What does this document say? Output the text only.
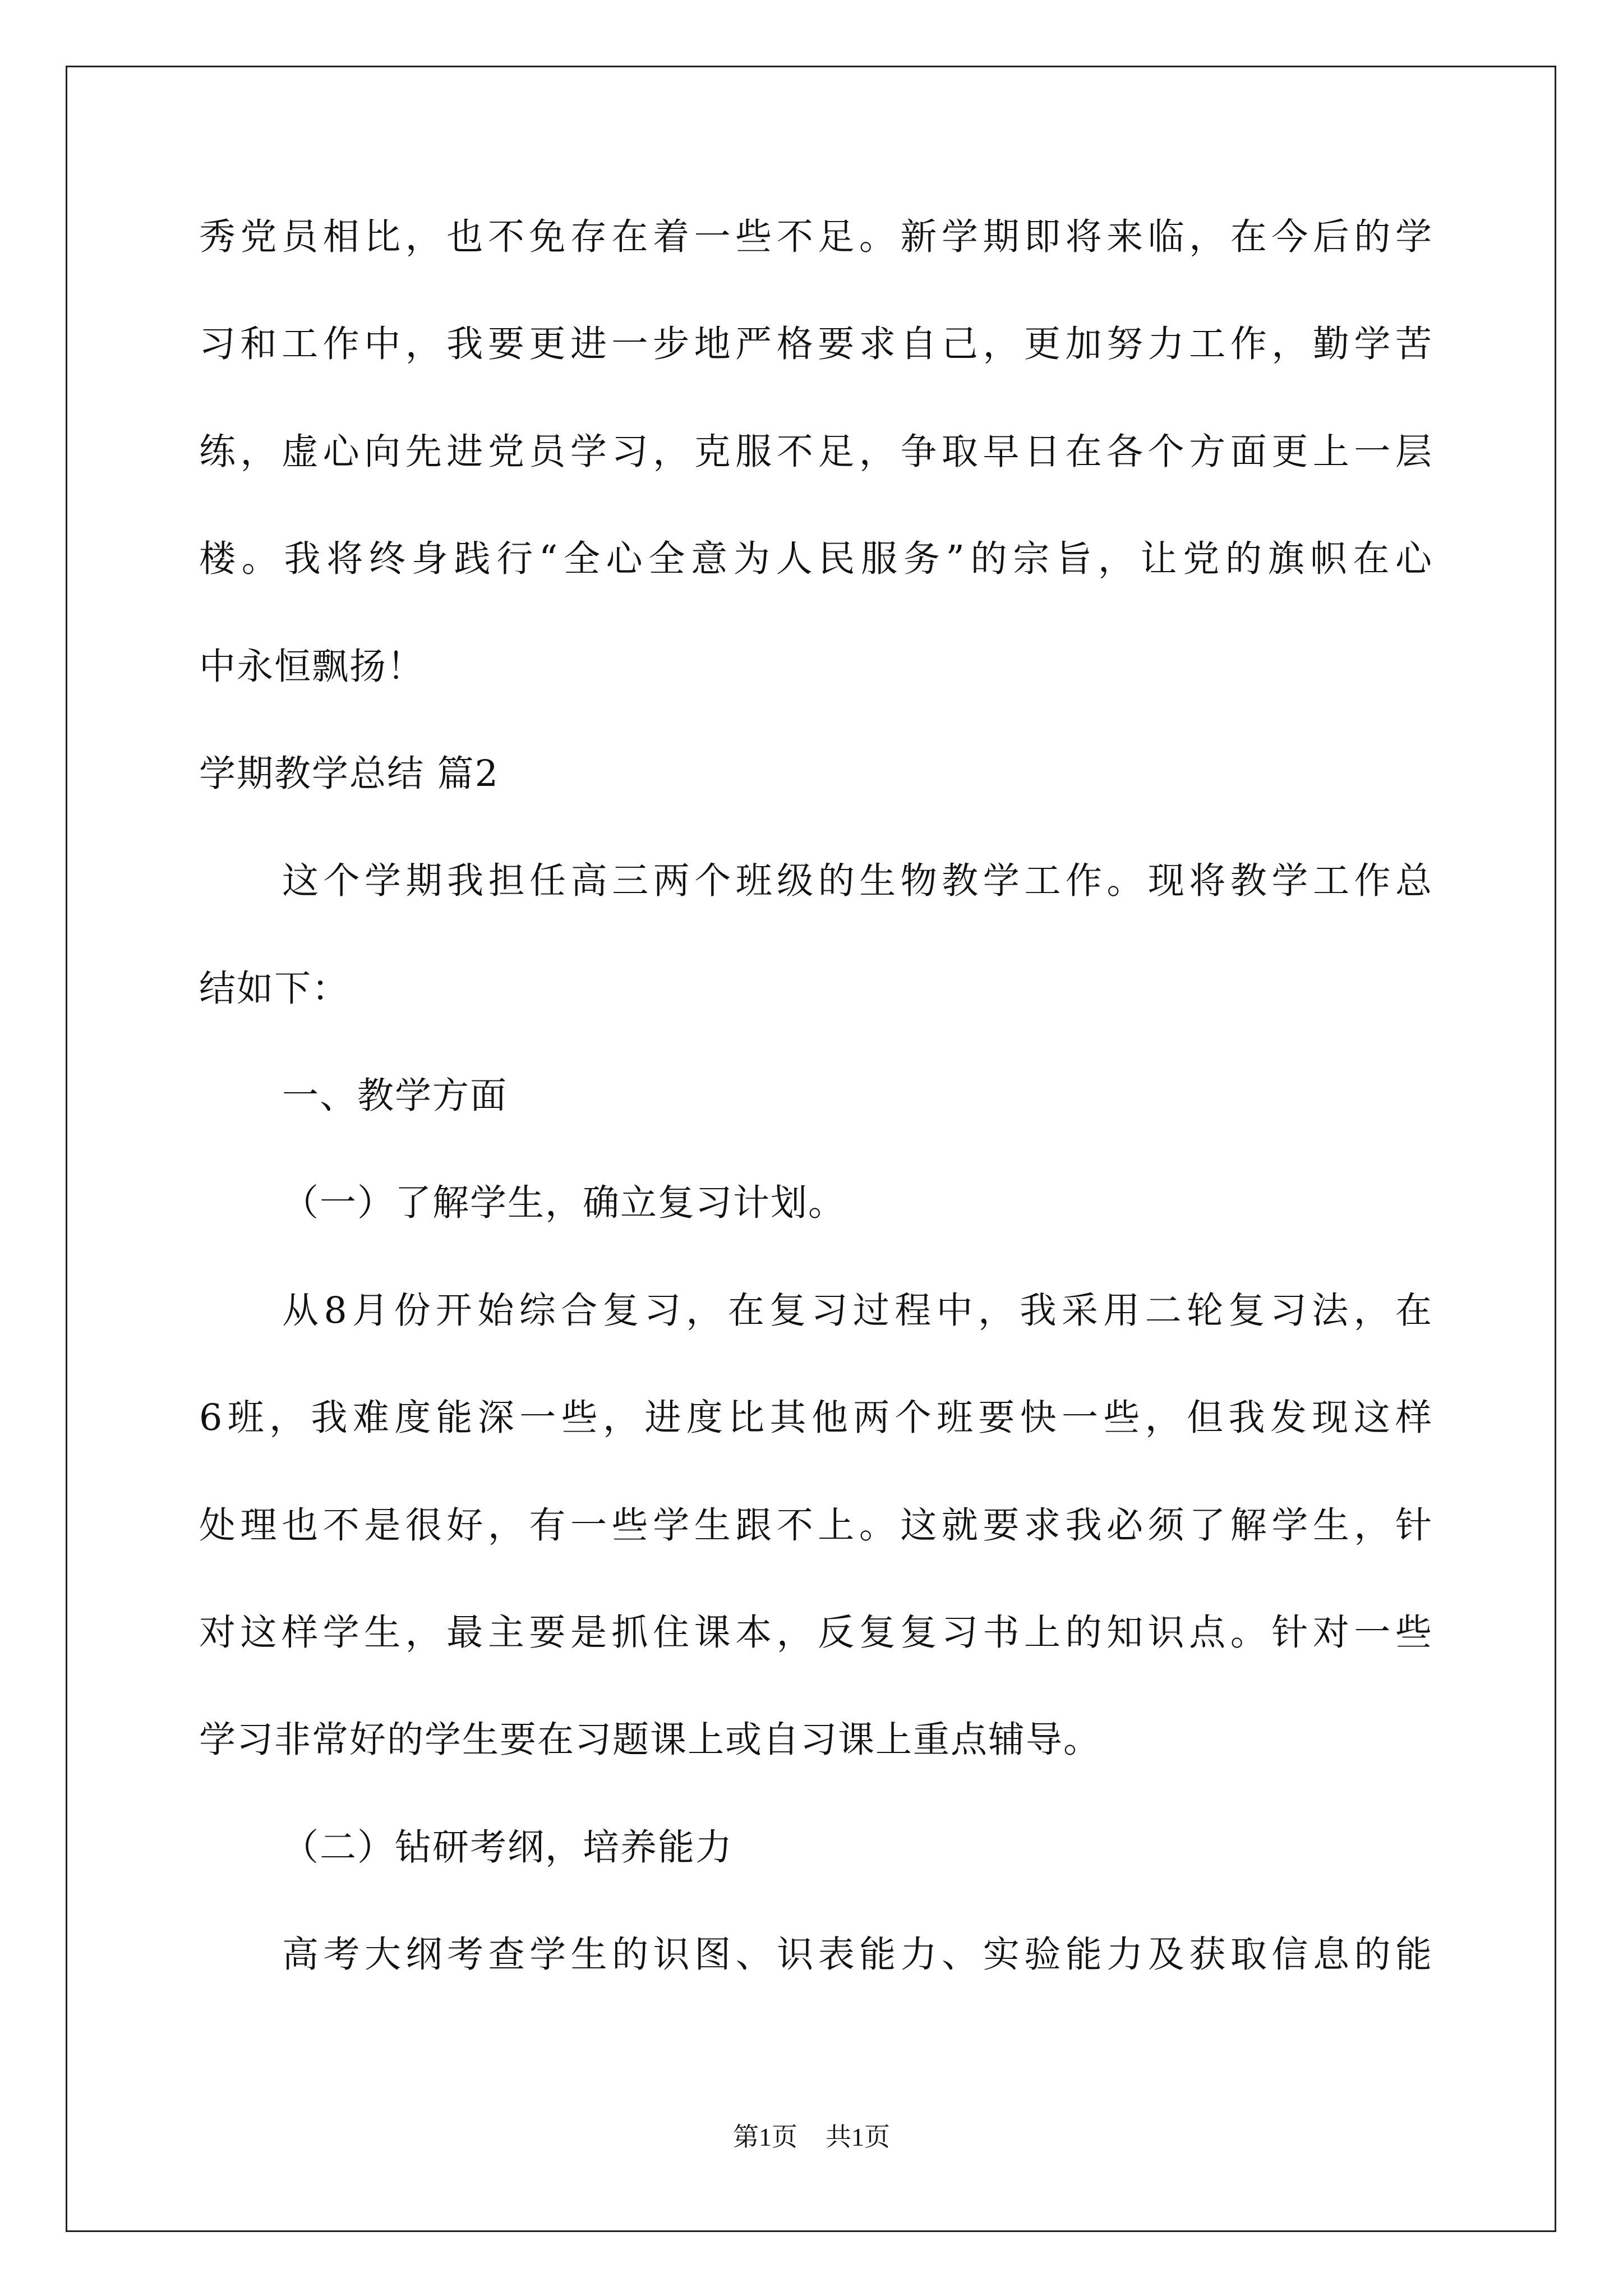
秀党员相比，也不免存在着一些不足。新学期即将来临，在今后的学
习和工作中，我要更进一步地严格要求自己，更加努力工作，勤学苦
练，虚心向先进党员学习，克服不足，争取早日在各个方面更上一层
楼。我将终身践行“全心全意为人民服务”的宗旨，让党的旗帜在心
中永恒飘扬！
学期教学总结 篇2
这个学期我担任高三两个班级的生物教学工作。现将教学工作总
结如下：
一、教学方面
（一）了解学生，确立复习计划。
从8月份开始综合复习，在复习过程中，我采用二轮复习法，在
6班，我难度能深一些，进度比其他两个班要快一些，但我发现这样
处理也不是很好，有一些学生跟不上。这就要求我必须了解学生，针
对这样学生，最主要是抓住课本，反复复习书上的知识点。针对一些
学习非常好的学生要在习题课上或自习课上重点辅导。
（二）钻研考纲，培养能力
高考大纲考查学生的识图、识表能力、实验能力及获取信息的能
第1页 共1页
